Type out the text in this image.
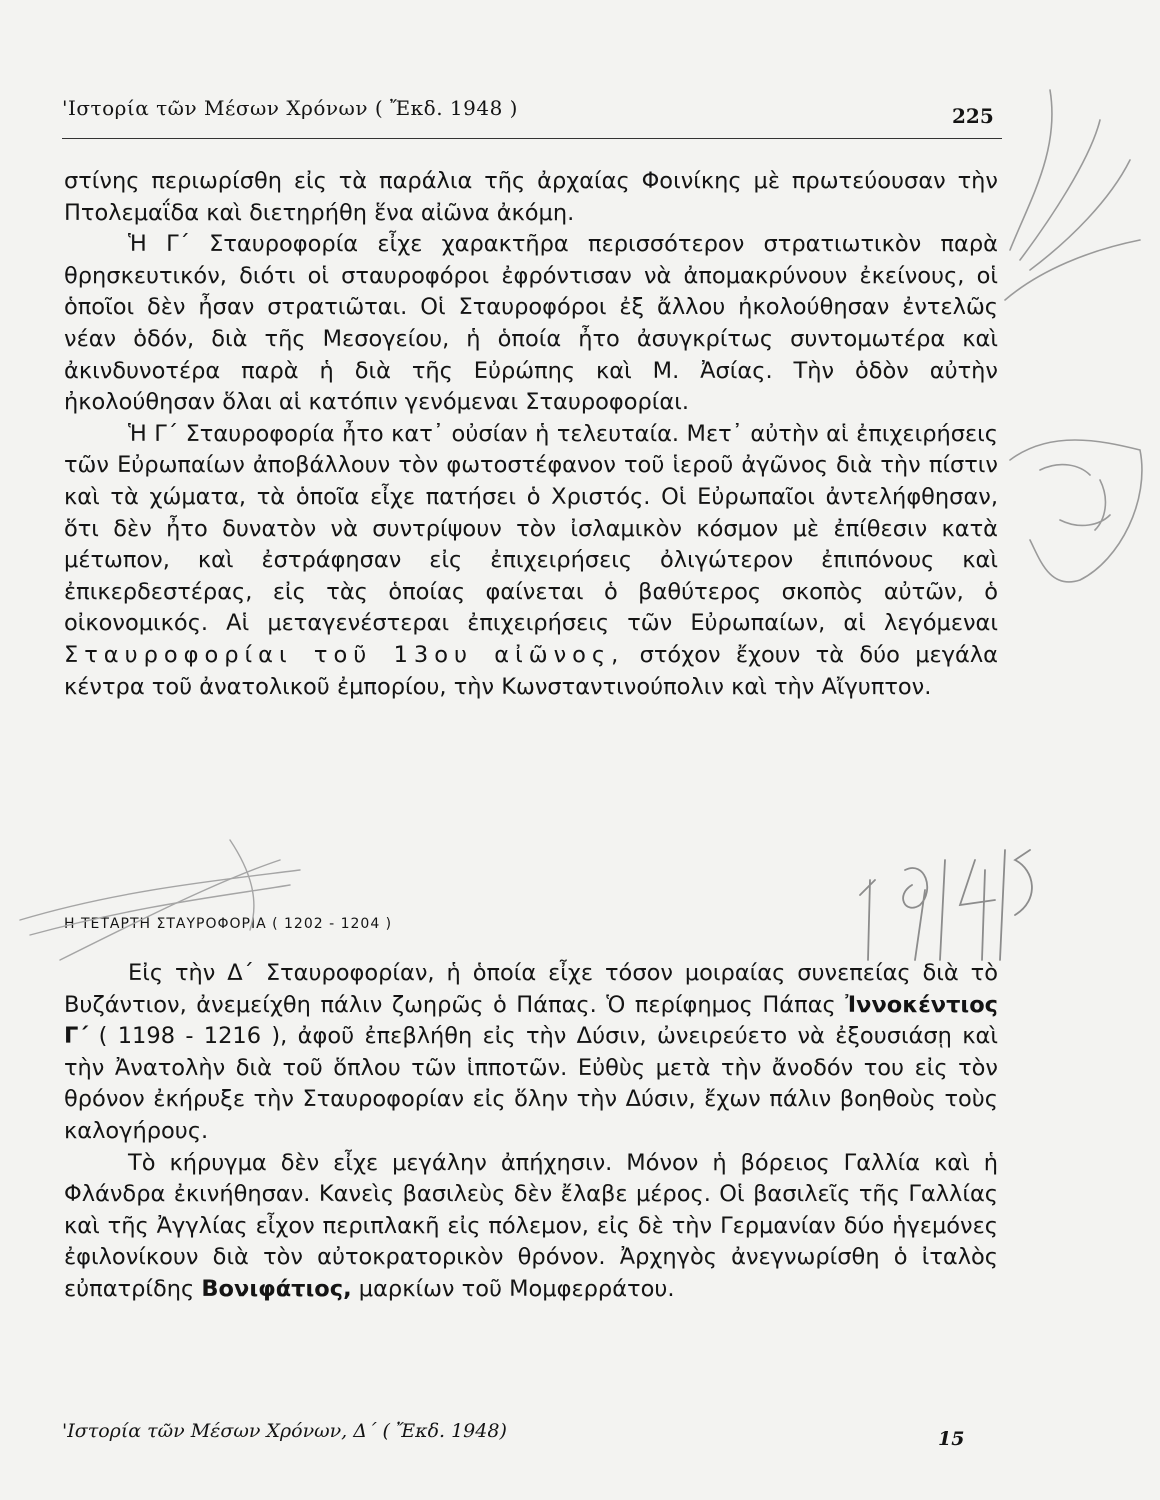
'Ιστορία τῶν Μέσων Χρόνων ( Ἔκδ. 1948 )	225

στίνης περιωρίσθη εἰς τὰ παράλια τῆς ἀρχαίας Φοινίκης μὲ πρωτεύουσαν τὴν Πτολεμαΐδα καὶ διετηρήθη ἕνα αἰῶνα ἀκόμη.

Ἡ Γ΄ Σταυροφορία εἶχε χαρακτῆρα περισσότερον στρατιωτικὸν παρὰ θρησκευτικόν, διότι οἱ σταυροφόροι ἐφρόντισαν νὰ ἀπομακρύνουν ἐκείνους, οἱ ὁποῖοι δὲν ἦσαν στρατιῶται. Οἱ Σταυροφόροι ἐξ ἄλλου ἠκολούθησαν ἐντελῶς νέαν ὁδόν, διὰ τῆς Μεσογείου, ἡ ὁποία ἦτο ἀσυγκρίτως συντομωτέρα καὶ ἀκινδυνοτέρα παρὰ ἡ διὰ τῆς Εὐρώπης καὶ Μ. Ἀσίας. Τὴν ὁδὸν αὐτὴν ἠκολούθησαν ὅλαι αἱ κατόπιν γενόμεναι Σταυροφορίαι.

Ἡ Γ΄ Σταυροφορία ἦτο κατ᾿ οὐσίαν ἡ τελευταία. Μετ᾿ αὐτὴν αἱ ἐπιχειρήσεις τῶν Εὐρωπαίων ἀποβάλλουν τὸν φωτοστέφανον τοῦ ἱεροῦ ἀγῶνος διὰ τὴν πίστιν καὶ τὰ χώματα, τὰ ὁποῖα εἶχε πατήσει ὁ Χριστός. Οἱ Εὐρωπαῖοι ἀντελήφθησαν, ὅτι δὲν ἦτο δυνατὸν νὰ συντρίψουν τὸν ἰσλαμικὸν κόσμον μὲ ἐπίθεσιν κατὰ μέτωπον, καὶ ἐστράφησαν εἰς ἐπιχειρήσεις ὀλιγώτερον ἐπιπόνους καὶ ἐπικερδεστέρας, εἰς τὰς ὁποίας φαίνεται ὁ βαθύτερος σκοπὸς αὐτῶν, ὁ οἰκονομικός. Αἱ μεταγενέστεραι ἐπιχειρήσεις τῶν Εὐρωπαίων, αἱ λεγόμεναι Σταυροφορίαι τοῦ 13ου αἰῶνος, στόχον ἔχουν τὰ δύο μεγάλα κέντρα τοῦ ἀνατολικοῦ ἐμπορίου, τὴν Κωνσταντινούπολιν καὶ τὴν Αἴγυπτον.

Η ΤΕΤΑΡΤΗ ΣΤΑΥΡΟΦΟΡΙΑ ( 1202 - 1204 )

Εἰς τὴν Δ΄ Σταυροφορίαν, ἡ ὁποία εἶχε τόσον μοιραίας συνεπείας διὰ τὸ Βυζάντιον, ἀνεμείχθη πάλιν ζωηρῶς ὁ Πάπας. Ὁ περίφημος Πάπας Ἰννοκέντιος Γ΄ ( 1198 - 1216 ), ἀφοῦ ἐπεβλήθη εἰς τὴν Δύσιν, ὠνειρεύετο νὰ ἐξουσιάσῃ καὶ τὴν Ἀνατολὴν διὰ τοῦ ὅπλου τῶν ἱπποτῶν. Εὐθὺς μετὰ τὴν ἄνοδόν του εἰς τὸν θρόνον ἐκήρυξε τὴν Σταυροφορίαν εἰς ὅλην τὴν Δύσιν, ἔχων πάλιν βοηθοὺς τοὺς καλογήρους.

Τὸ κήρυγμα δὲν εἶχε μεγάλην ἀπήχησιν. Μόνον ἡ βόρειος Γαλλία καὶ ἡ Φλάνδρα ἐκινήθησαν. Κανεὶς βασιλεὺς δὲν ἔλαβε μέρος. Οἱ βασιλεῖς τῆς Γαλλίας καὶ τῆς Ἀγγλίας εἶχον περιπλακῆ εἰς πόλεμον, εἰς δὲ τὴν Γερμανίαν δύο ἡγεμόνες ἐφιλονίκουν διὰ τὸν αὐτοκρατορικὸν θρόνον. Ἀρχηγὸς ἀνεγνωρίσθη ὁ ἰταλὸς εὐπατρίδης Βονιφάτιος, μαρκίων τοῦ Μομφερράτου.

'Ιστορία τῶν Μέσων Χρόνων, Δ΄ ( Ἔκδ. 1948)	15
